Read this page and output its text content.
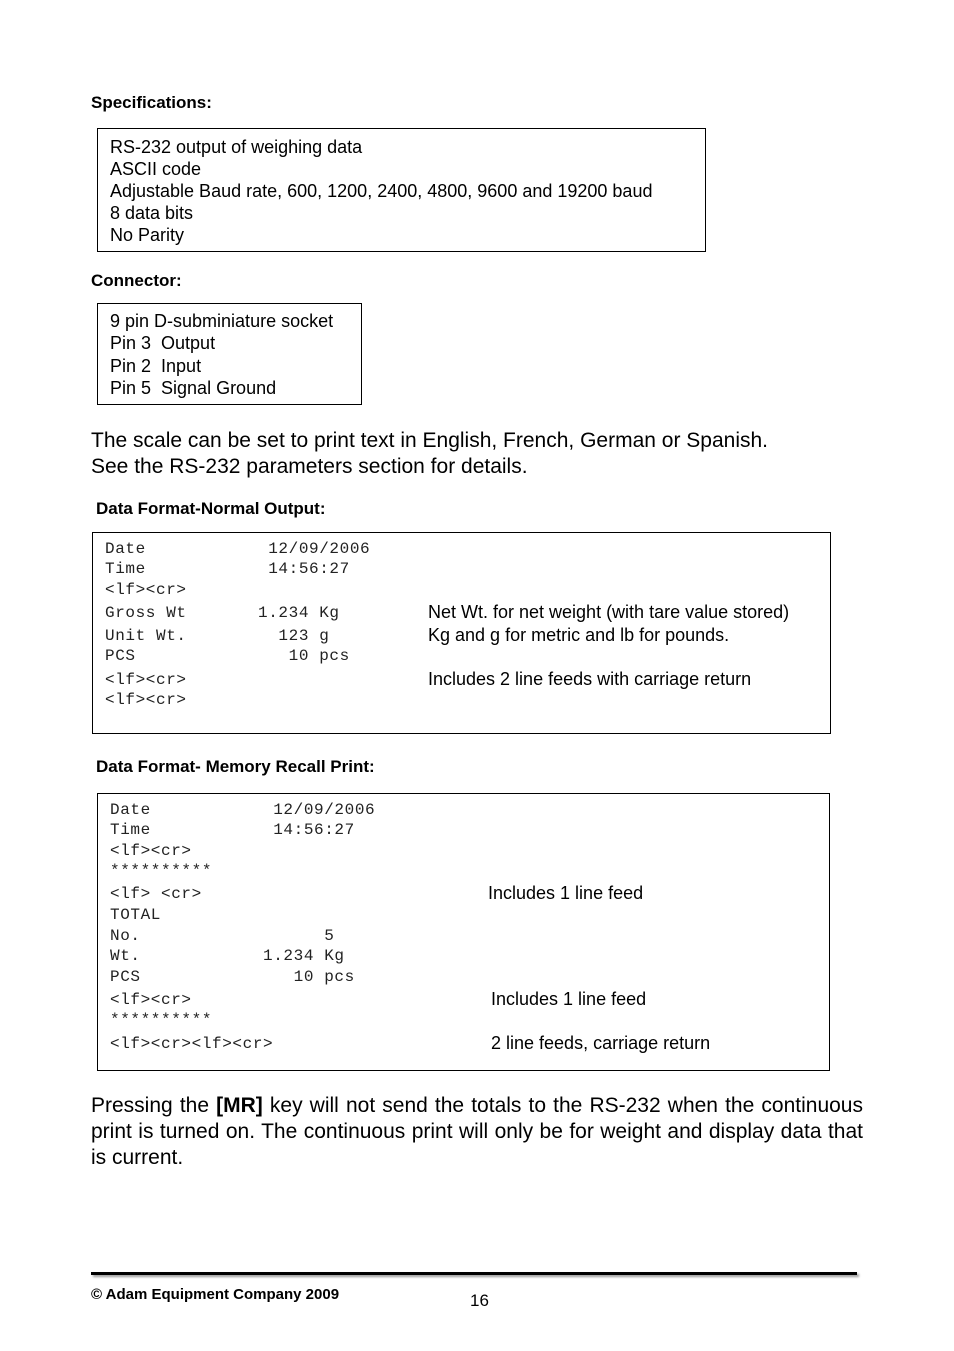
Specifications:
RS-232 output of weighing data
ASCII code
Adjustable Baud rate, 600, 1200, 2400, 4800, 9600 and 19200 baud
8 data bits
No Parity
Connector:
9 pin D-subminiature socket
Pin 3  Output
Pin 2  Input
Pin 5  Signal Ground
The scale can be set to print text in English, French, German or Spanish.
See the RS-232 parameters section for details.
Data Format-Normal Output:
Date            12/09/2006
Time            14:56:27
<lf><cr>
Gross Wt       1.234 Kg
Unit Wt.         123 g
PCS               10 pcs
<lf><cr>
<lf><cr>
Net Wt. for net weight (with tare value stored)
Kg and g for metric and lb for pounds.
Includes 2 line feeds with carriage return
Data Format- Memory Recall Print:
Date            12/09/2006
Time            14:56:27
<lf><cr>
**********
<lf> <cr>
TOTAL
No.                  5
Wt.            1.234 Kg
PCS               10 pcs
<lf><cr>
**********
<lf><cr><lf><cr>
Includes 1 line feed
Includes 1 line feed
2 line feeds, carriage return
Pressing the [MR] key will not send the totals to the RS-232 when the continuous print is turned on. The continuous print will only be for weight and display data that is current.
© Adam Equipment Company 2009	16
